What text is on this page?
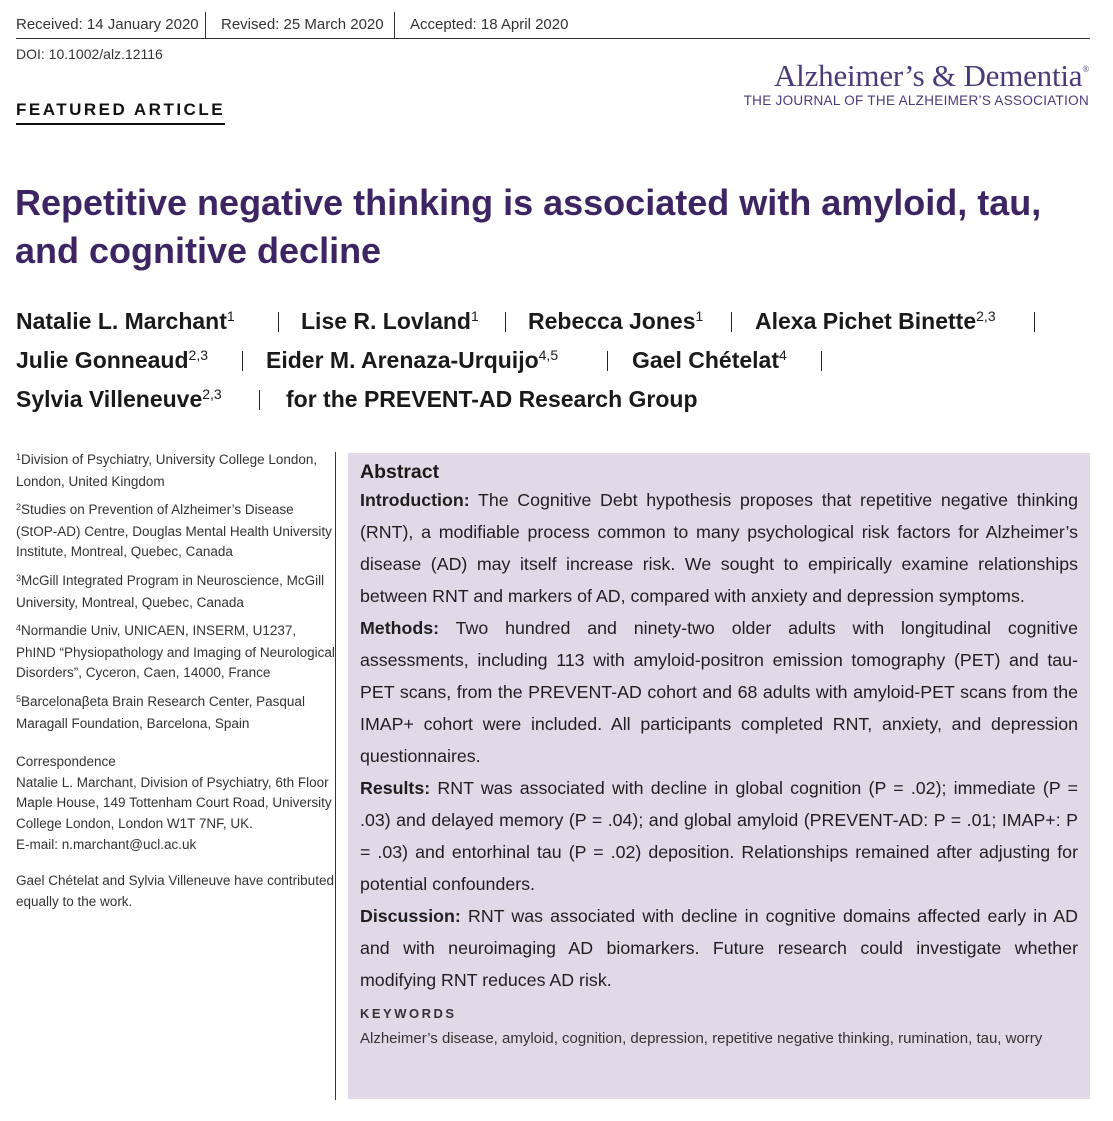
Received: 14 January 2020 Revised: 25 March 2020 Accepted: 18 April 2020
DOI: 10.1002/alz.12116
Alzheimer’s & Dementia®
THE JOURNAL OF THE ALZHEIMER’S ASSOCIATION
FEATURED ARTICLE
Repetitive negative thinking is associated with amyloid, tau, and cognitive decline
Natalie L. Marchant$^1$	Lise R. Lovland$^1$ Rebecca Jones$^1$ Alexa Pichet Binette$^{2,3}$
Julie Gonneaud$^{2,3}$	Eider M. Arenaza-Urquijo$^{4,5}$	Gael Chételat$^4$
Sylvia Villeneuve$^{2,3}$	for the PREVENT-AD Research Group

$^1$Division of Psychiatry, University College London, London, United Kingdom

$^2$Studies on Prevention of Alzheimer’s Disease (StOP-AD) Centre, Douglas Mental Health University Institute, Montreal, Quebec, Canada

$^3$McGill Integrated Program in Neuroscience, McGill University, Montreal, Quebec, Canada

$^4$Normandie Univ, UNICAEN, INSERM, U1237, PhIND “Physiopathology and Imaging of Neurological Disorders”, Cyceron, Caen, 14000, France

$^5$Barcelonaβeta Brain Research Center, Pasqual Maragall Foundation, Barcelona, Spain

Correspondence

Natalie L. Marchant, Division of Psychiatry, 6th Floor Maple House, 149 Tottenham Court Road, University College London, London W1T 7NF, UK.

E-mail: n.marchant@ucl.ac.uk

Gael Chételat and Sylvia Villeneuve have contributed equally to the work.

Abstract

Introduction: The Cognitive Debt hypothesis proposes that repetitive negative thinking (RNT), a modifiable process common to many psychological risk factors for Alzheimer’s disease (AD) may itself increase risk. We sought to empirically examine relationships between RNT and markers of AD, compared with anxiety and depression symptoms.

Methods: Two hundred and ninety-two older adults with longitudinal cognitive assessments, including 113 with amyloid-positron emission tomography (PET) and tau-PET scans, from the PREVENT-AD cohort and 68 adults with amyloid-PET scans from the IMAP+ cohort were included. All participants completed RNT, anxiety, and depression questionnaires.

Results: RNT was associated with decline in global cognition (P = .02); immediate (P = .03) and delayed memory (P = .04); and global amyloid (PREVENT-AD: P = .01; IMAP+: P = .03) and entorhinal tau (P = .02) deposition. Relationships remained after adjusting for potential confounders.

Discussion: RNT was associated with decline in cognitive domains affected early in AD and with neuroimaging AD biomarkers. Future research could investigate whether modifying RNT reduces AD risk.

KEYWORDS
Alzheimer’s disease, amyloid, cognition, depression, repetitive negative thinking, rumination, tau, worry
